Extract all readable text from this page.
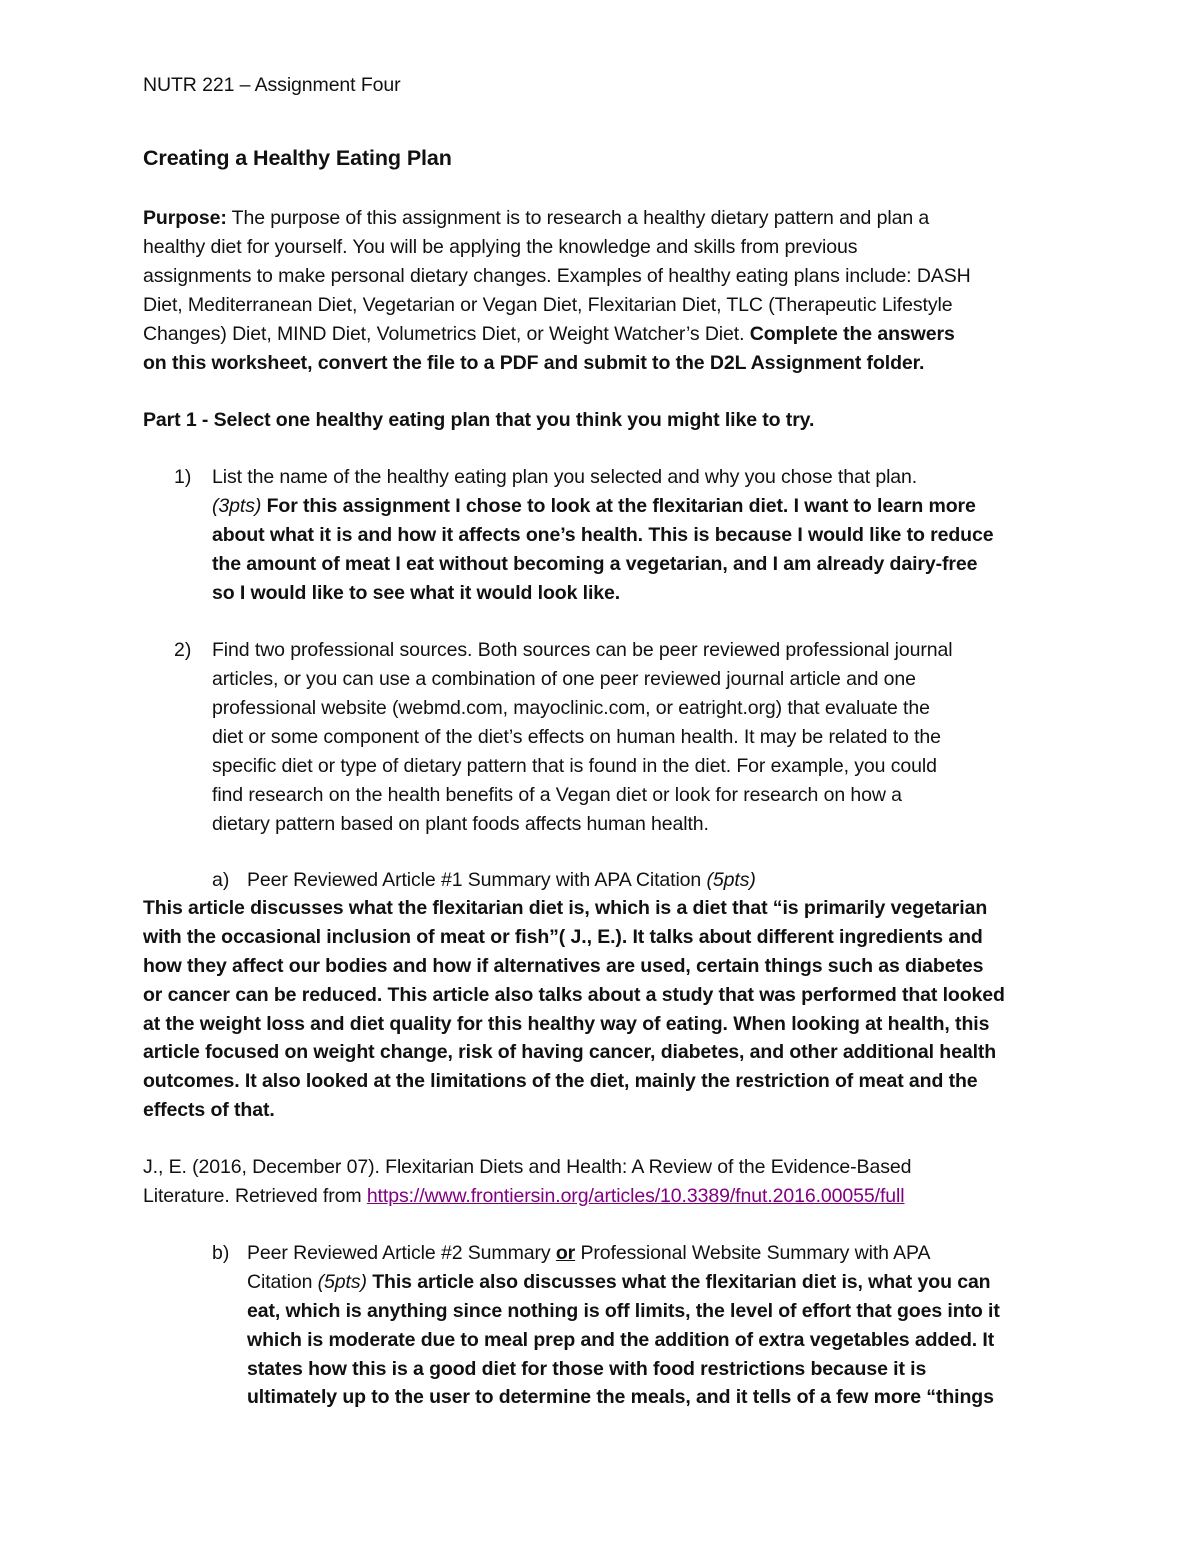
NUTR 221 – Assignment Four
Creating a Healthy Eating Plan
Purpose: The purpose of this assignment is to research a healthy dietary pattern and plan a
healthy diet for yourself. You will be applying the knowledge and skills from previous
assignments to make personal dietary changes. Examples of healthy eating plans include: DASH
Diet, Mediterranean Diet, Vegetarian or Vegan Diet, Flexitarian Diet, TLC (Therapeutic Lifestyle
Changes) Diet, MIND Diet, Volumetrics Diet, or Weight Watcher’s Diet. Complete the answers
on this worksheet, convert the file to a PDF and submit to the D2L Assignment folder.
Part 1 - Select one healthy eating plan that you think you might like to try.
1) List the name of the healthy eating plan you selected and why you chose that plan.
(3pts) For this assignment I chose to look at the flexitarian diet. I want to learn more
about what it is and how it affects one’s health. This is because I would like to reduce
the amount of meat I eat without becoming a vegetarian, and I am already dairy-free
so I would like to see what it would look like.
2) Find two professional sources. Both sources can be peer reviewed professional journal
articles, or you can use a combination of one peer reviewed journal article and one
professional website (webmd.com, mayoclinic.com, or eatright.org) that evaluate the
diet or some component of the diet’s effects on human health. It may be related to the
specific diet or type of dietary pattern that is found in the diet. For example, you could
find research on the health benefits of a Vegan diet or look for research on how a
dietary pattern based on plant foods affects human health.
a) Peer Reviewed Article #1 Summary with APA Citation (5pts)
This article discusses what the flexitarian diet is, which is a diet that “is primarily vegetarian
with the occasional inclusion of meat or fish”( J., E.). It talks about different ingredients and
how they affect our bodies and how if alternatives are used, certain things such as diabetes
or cancer can be reduced. This article also talks about a study that was performed that looked
at the weight loss and diet quality for this healthy way of eating. When looking at health, this
article focused on weight change, risk of having cancer, diabetes, and other additional health
outcomes. It also looked at the limitations of the diet, mainly the restriction of meat and the
effects of that.
J., E. (2016, December 07). Flexitarian Diets and Health: A Review of the Evidence-Based
Literature. Retrieved from https://www.frontiersin.org/articles/10.3389/fnut.2016.00055/full
b) Peer Reviewed Article #2 Summary or Professional Website Summary with APA
Citation (5pts) This article also discusses what the flexitarian diet is, what you can
eat, which is anything since nothing is off limits, the level of effort that goes into it
which is moderate due to meal prep and the addition of extra vegetables added. It
states how this is a good diet for those with food restrictions because it is
ultimately up to the user to determine the meals, and it tells of a few more “things
